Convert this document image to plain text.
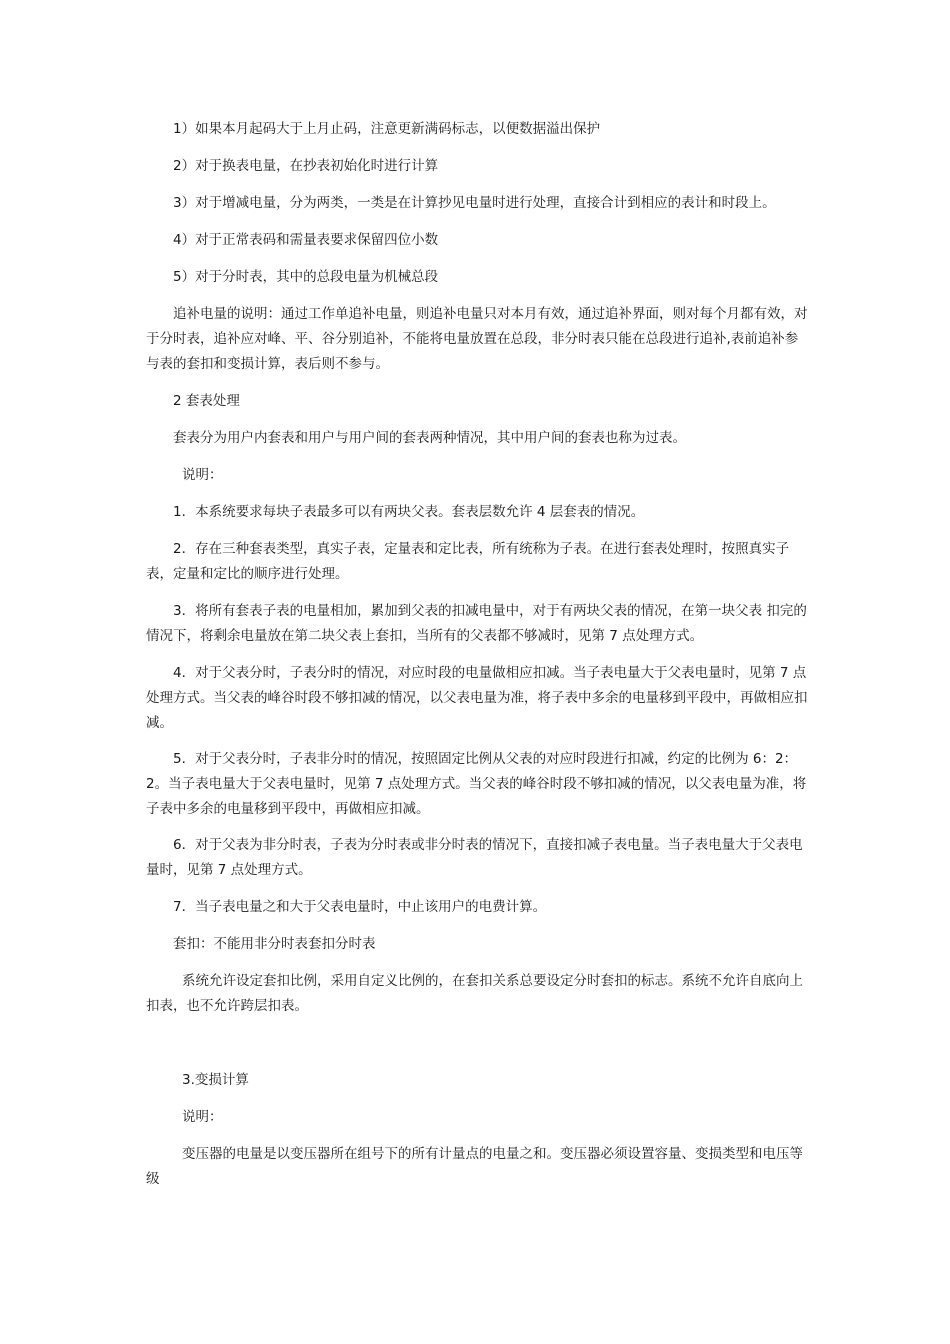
1）如果本月起码大于上月止码，注意更新满码标志，以便数据溢出保护

2）对于换表电量，在抄表初始化时进行计算

3）对于增减电量，分为两类，一类是在计算抄见电量时进行处理，直接合计到相应的表计和时段上。

4）对于正常表码和需量表要求保留四位小数

5）对于分时表，其中的总段电量为机械总段

追补电量的说明：通过工作单追补电量，则追补电量只对本月有效，通过追补界面，则对每个月都有效，对于分时表，追补应对峰、平、谷分别追补，不能将电量放置在总段，非分时表只能在总段进行追补,表前追补参与表的套扣和变损计算，表后则不参与。

2 套表处理

套表分为用户内套表和用户与用户间的套表两种情况，其中用户间的套表也称为过表。

说明：

1．本系统要求每块子表最多可以有两块父表。套表层数允许 4 层套表的情况。

2．存在三种套表类型，真实子表，定量表和定比表，所有统称为子表。在进行套表处理时，按照真实子表，定量和定比的顺序进行处理。

3．将所有套表子表的电量相加，累加到父表的扣减电量中，对于有两块父表的情况，在第一块父表 扣完的情况下，将剩余电量放在第二块父表上套扣，当所有的父表都不够减时，见第 7 点处理方式。

4．对于父表分时，子表分时的情况，对应时段的电量做相应扣减。当子表电量大于父表电量时，见第 7 点处理方式。当父表的峰谷时段不够扣减的情况，以父表电量为准，将子表中多余的电量移到平段中，再做相应扣减。

5．对于父表分时，子表非分时的情况，按照固定比例从父表的对应时段进行扣减，约定的比例为 6：2：2。当子表电量大于父表电量时，见第 7 点处理方式。当父表的峰谷时段不够扣减的情况，以父表电量为准，将子表中多余的电量移到平段中，再做相应扣减。

6．对于父表为非分时表，子表为分时表或非分时表的情况下，直接扣减子表电量。当子表电量大于父表电量时，见第 7 点处理方式。

7．当子表电量之和大于父表电量时，中止该用户的电费计算。

套扣：不能用非分时表套扣分时表

系统允许设定套扣比例，采用自定义比例的，在套扣关系总要设定分时套扣的标志。系统不允许自底向上扣表，也不允许跨层扣表。

3.变损计算

说明：

变压器的电量是以变压器所在组号下的所有计量点的电量之和。变压器必须设置容量、变损类型和电压等级
